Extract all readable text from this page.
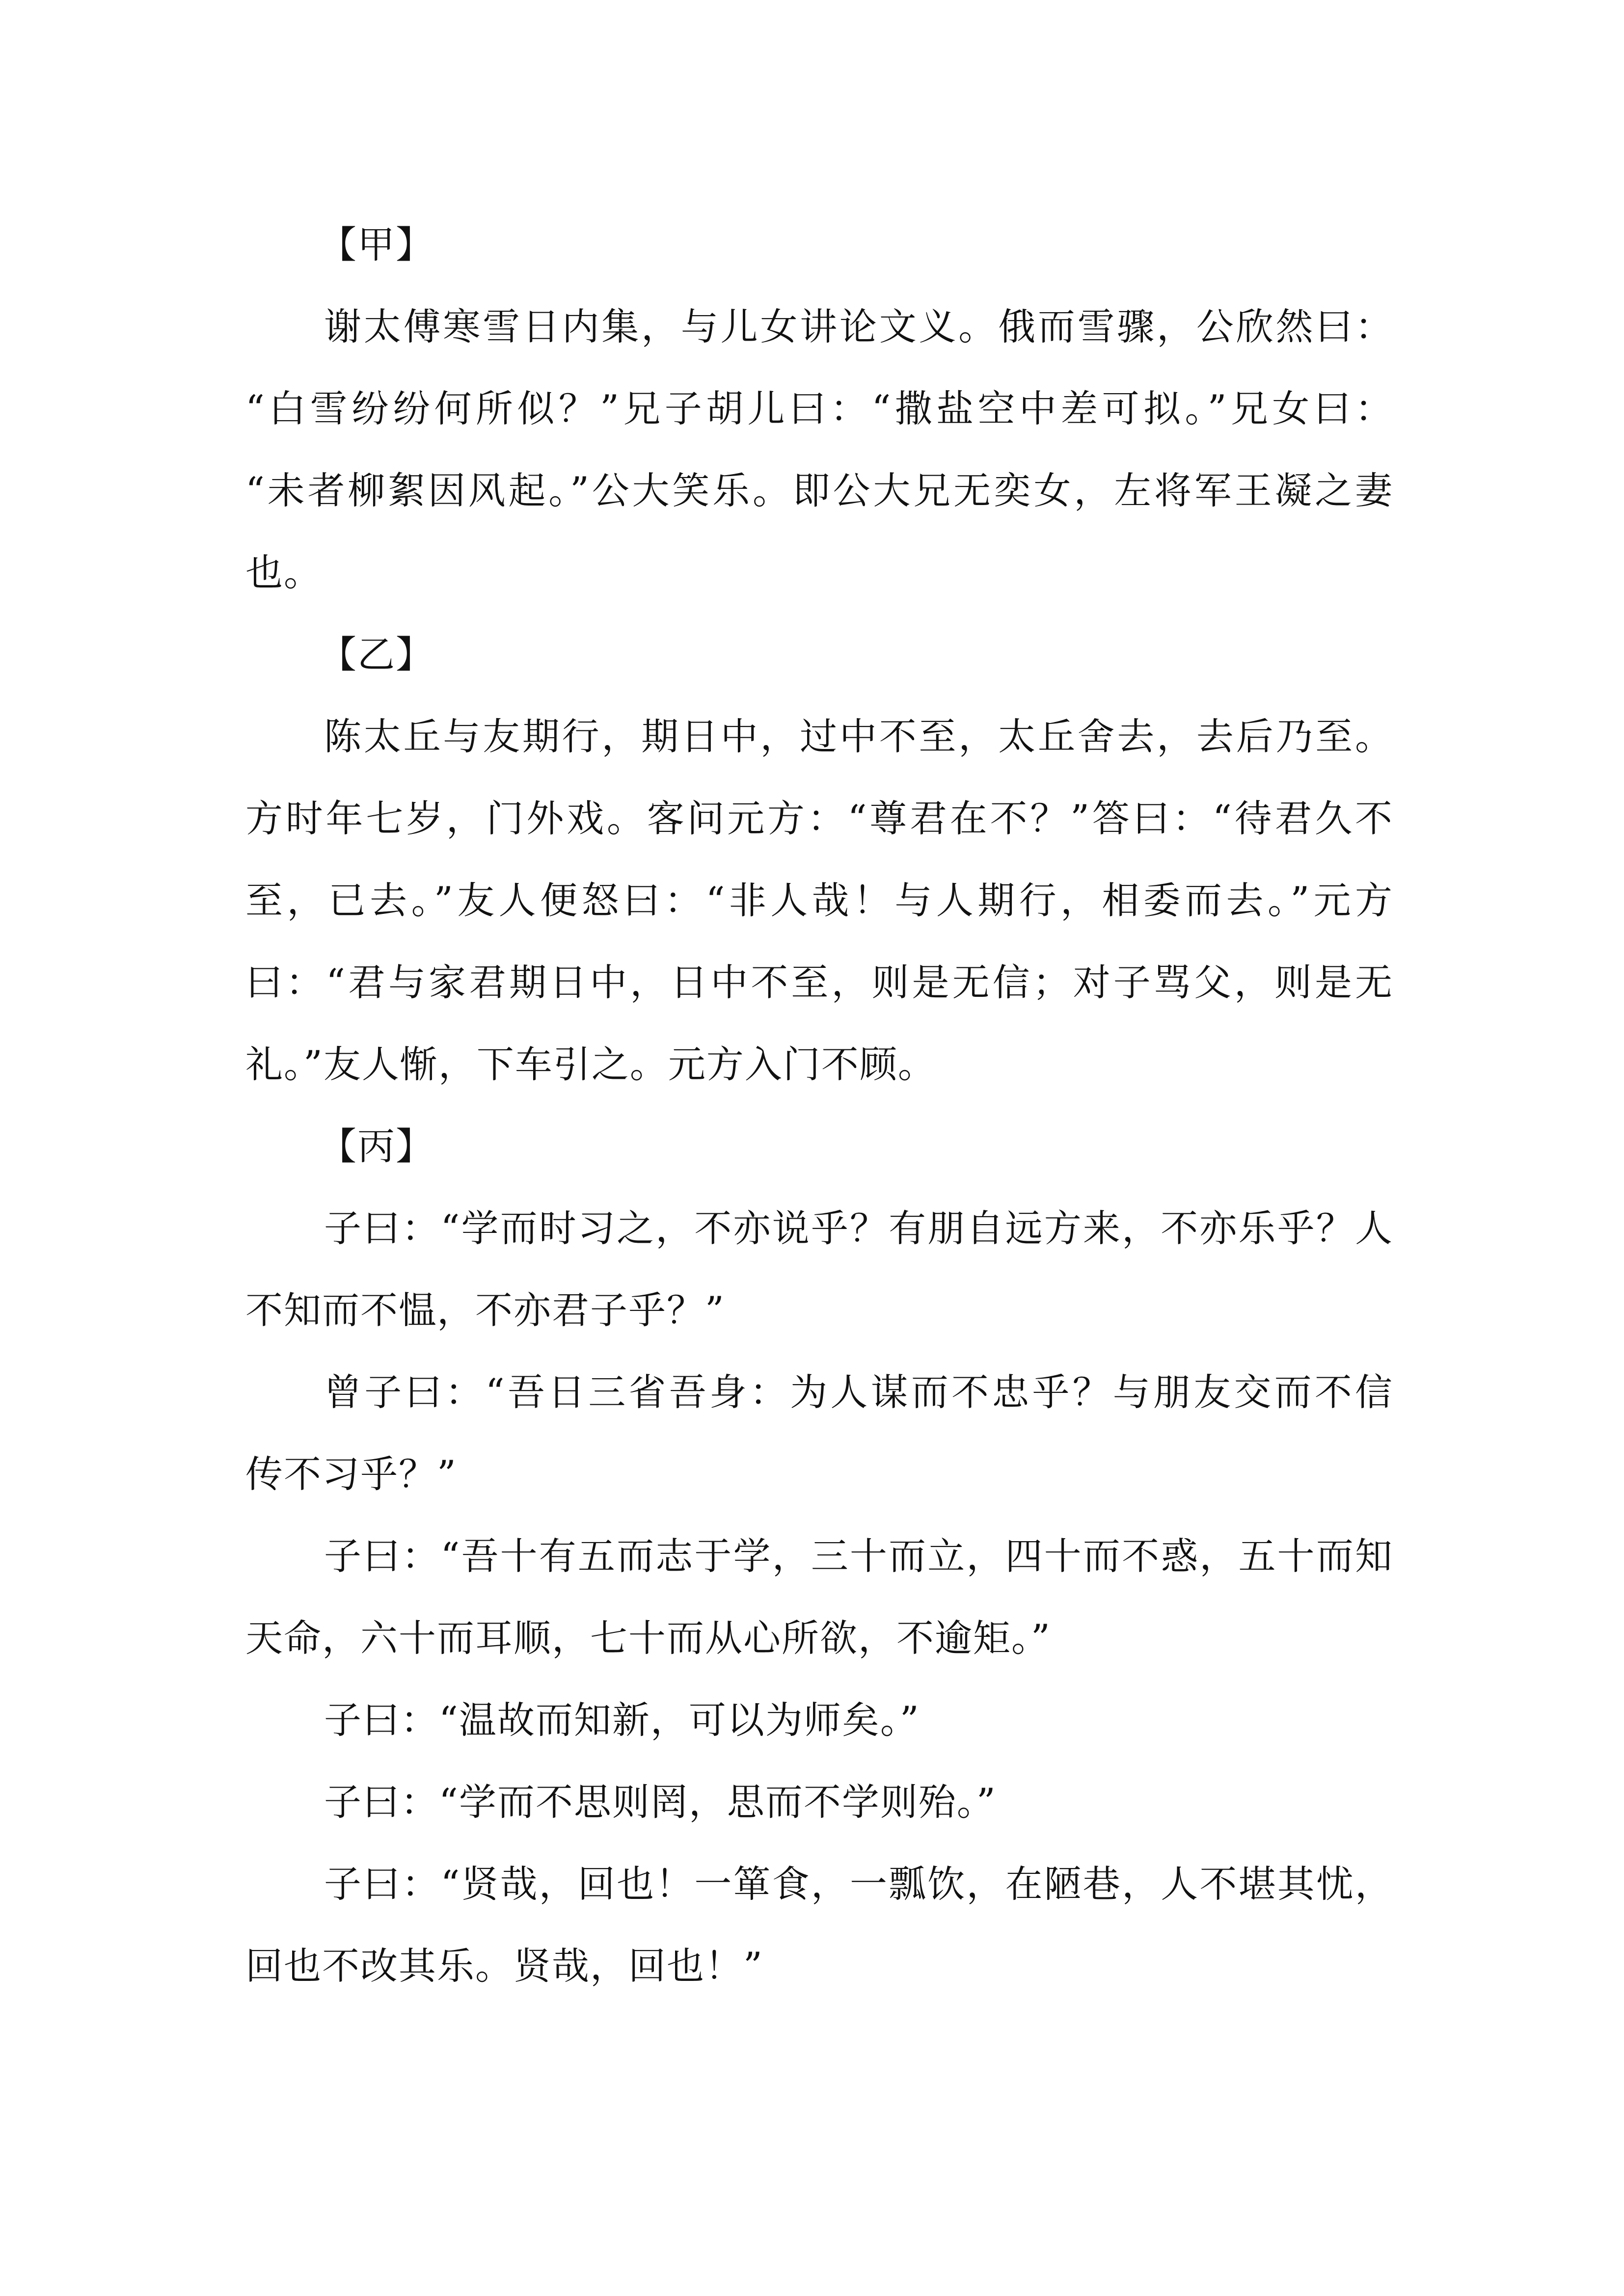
【甲】
谢太傅寒雪日内集，与儿女讲论文义。俄而雪骤，公欣然曰：
“白雪纷纷何所似？”兄子胡儿曰：“撒盐空中差可拟。”兄女曰：
“未者柳絮因风起。”公大笑乐。即公大兄无奕女，左将军王凝之妻
也。
【乙】
陈太丘与友期行，期日中，过中不至，太丘舍去，去后乃至。
方时年七岁，门外戏。客问元方：“尊君在不？”答曰：“待君久不
至，已去。”友人便怒曰：“非人哉！与人期行，相委而去。”元方
曰：“君与家君期日中，日中不至，则是无信；对子骂父，则是无
礼。”友人惭，下车引之。元方入门不顾。
【丙】
子曰：“学而时习之，不亦说乎？有朋自远方来，不亦乐乎？人
不知而不愠，不亦君子乎？”
曾子曰：“吾日三省吾身：为人谋而不忠乎？与朋友交而不信
传不习乎？”
子曰：“吾十有五而志于学，三十而立，四十而不惑，五十而知
天命，六十而耳顺，七十而从心所欲，不逾矩。”
子曰：“温故而知新，可以为师矣。”
子曰：“学而不思则罔，思而不学则殆。”
子曰：“贤哉，回也！一箪食，一瓢饮，在陋巷，人不堪其忧，
回也不改其乐。贤哉，回也！”
